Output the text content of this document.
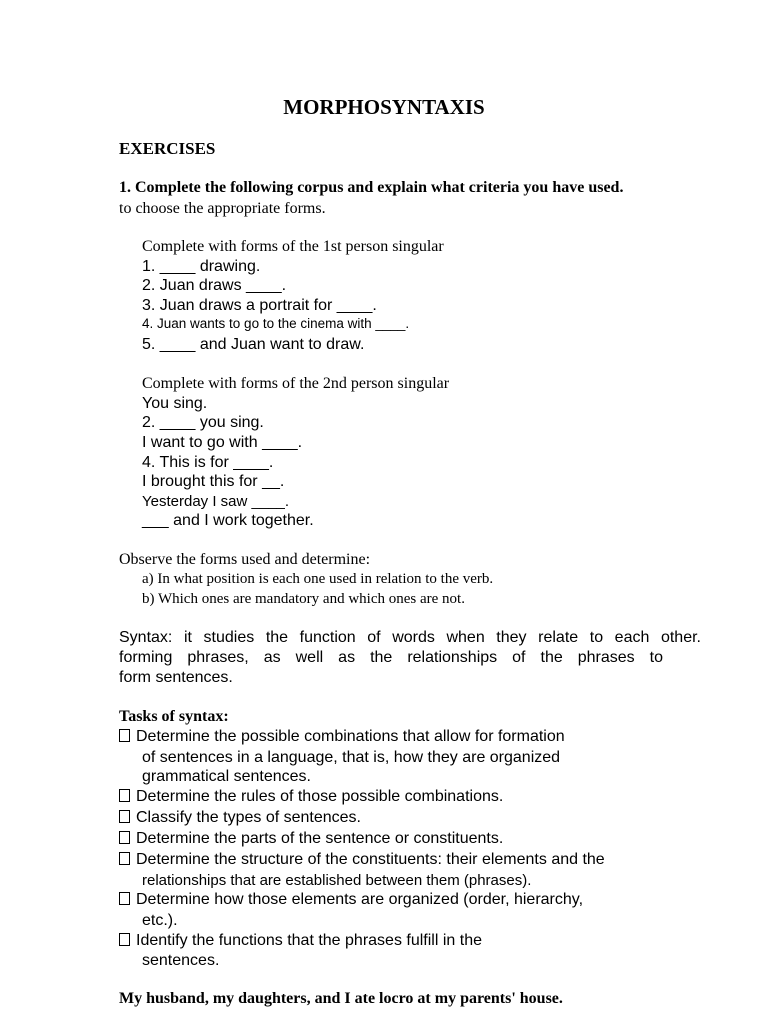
MORPHOSYNTAXIS
EXERCISES
1. Complete the following corpus and explain what criteria you have used.
to choose the appropriate forms.
Complete with forms of the 1st person singular
1. ____ drawing.
2. Juan draws ____.
3. Juan draws a portrait for ____.
4. Juan wants to go to the cinema with ____.
5. ____ and Juan want to draw.
Complete with forms of the 2nd person singular
You sing.
2. ____ you sing.
I want to go with ____.
4. This is for ____.
I brought this for __.
Yesterday I saw ____.
___ and I work together.
Observe the forms used and determine:
a) In what position is each one used in relation to the verb.
b) Which ones are mandatory and which ones are not.
Syntax: it studies the function of words when they relate to each other.
forming phrases, as well as the relationships of the phrases to
form sentences.
Tasks of syntax:
Determine the possible combinations that allow for formation
of sentences in a language, that is, how they are organized
grammatical sentences.
Determine the rules of those possible combinations.
Classify the types of sentences.
Determine the parts of the sentence or constituents.
Determine the structure of the constituents: their elements and the
relationships that are established between them (phrases).
Determine how those elements are organized (order, hierarchy,
etc.).
Identify the functions that the phrases fulfill in the
sentences.
My husband, my daughters, and I ate locro at my parents' house.
